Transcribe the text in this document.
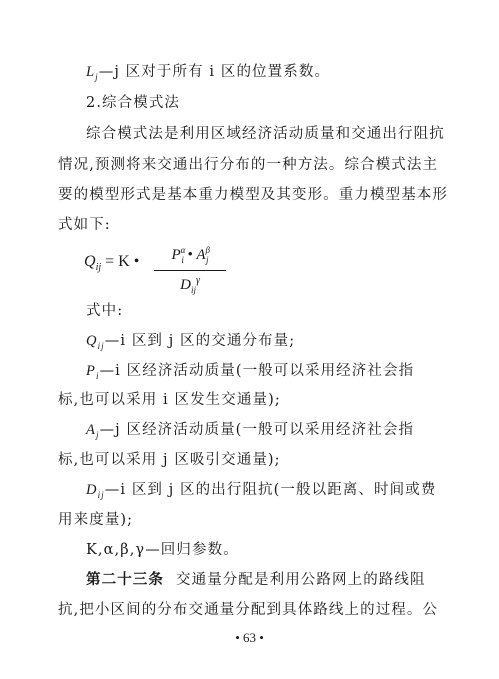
$L_j—j$ 区对于所有 i 区的位置系数。
2.综合模式法
综合模式法是利用区域经济活动质量和交通出行阻抗
情况,预测将来交通出行分布的一种方法。综合模式法主
要的模型形式是基本重力模型及其变形。重力模型基本形
式如下:
$Q_{ij} = K$ •	$P^\alpha_i$ • $A^\beta_j$
$D_{ij}^\gamma$
式中:
$Q_{ij}—i$ 区到 j 区的交通分布量;
$P_i—i$ 区经济活动质量(一般可以采用经济社会指
标,也可以采用 i 区发生交通量);
$A_j—j$ 区经济活动质量(一般可以采用经济社会指
标,也可以采用 j 区吸引交通量);
$D_{ij}—i$ 区到 j 区的出行阻抗(一般以距离、时间或费
用来度量);
K,α,β,γ—回归参数。
第二十三条 交通量分配是利用公路网上的路线阻
抗,把小区间的分布交通量分配到具体路线上的过程。公
• 63 •
